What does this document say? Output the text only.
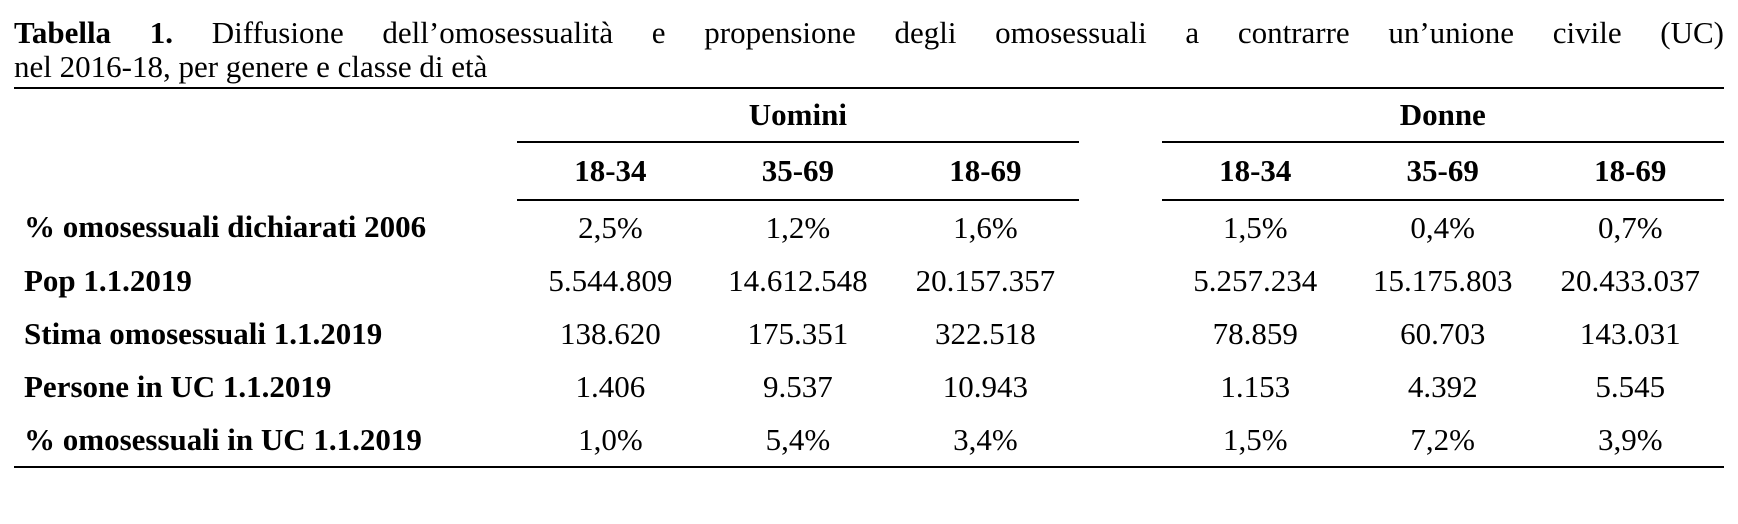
Tabella 1. Diffusione dell’omosessualità e propensione degli omosessuali a contrarre un’unione civile (UC)
nel 2016-18, per genere e classe di età
	Uomini				Donne		
	18-34	35-69	18-69		18-34	35-69	18-69
% omosessuali dichiarati 2006	2,5%	1,2%	1,6%		1,5%	0,4%	0,7%
Pop 1.1.2019	5.544.809	14.612.548	20.157.357		5.257.234	15.175.803	20.433.037
Stima omosessuali 1.1.2019	138.620	175.351	322.518		78.859	60.703	143.031
Persone in UC 1.1.2019	1.406	9.537	10.943		1.153	4.392	5.545
% omosessuali in UC 1.1.2019	1,0%	5,4%	3,4%		1,5%	7,2%	3,9%
